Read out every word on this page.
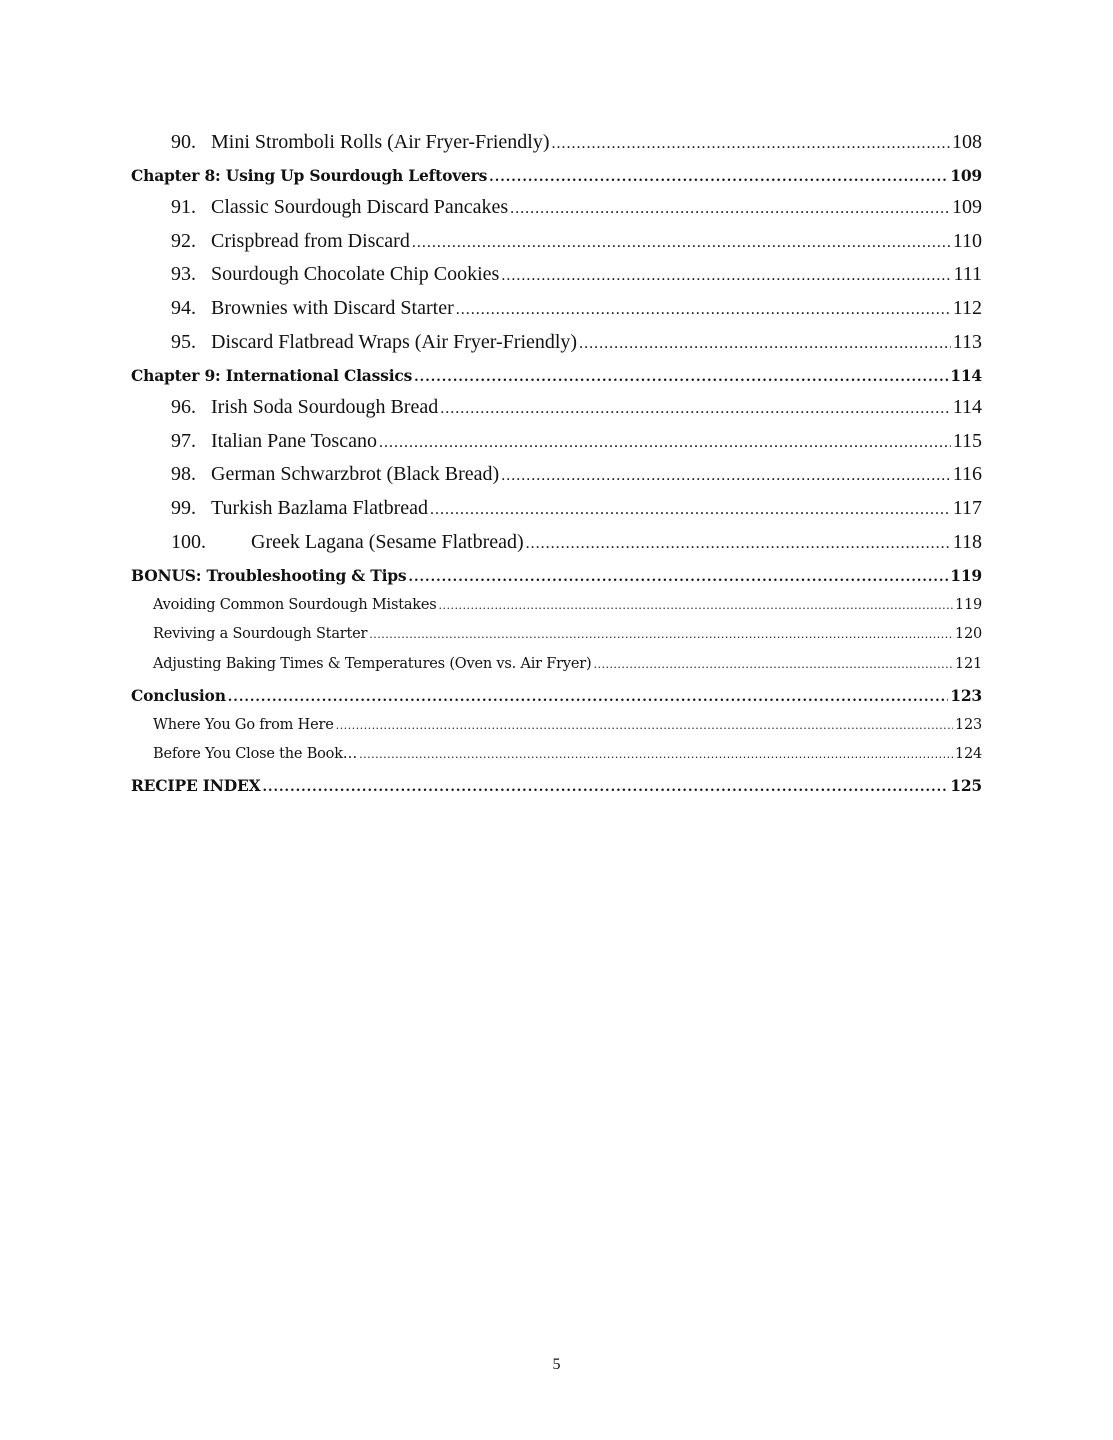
90. Mini Stromboli Rolls (Air Fryer-Friendly) .....	108
Chapter 8: Using Up Sourdough Leftovers .....	109
91. Classic Sourdough Discard Pancakes .....	109
92. Crispbread from Discard .....	110
93. Sourdough Chocolate Chip Cookies .....	111
94. Brownies with Discard Starter .....	112
95. Discard Flatbread Wraps (Air Fryer-Friendly) .....	113
Chapter 9: International Classics .....	114
96. Irish Soda Sourdough Bread .....	114
97. Italian Pane Toscano .....	115
98. German Schwarzbrot (Black Bread) .....	116
99. Turkish Bazlama Flatbread .....	117
100.	Greek Lagana (Sesame Flatbread) .....	118
BONUS: Troubleshooting & Tips .....	119
Avoiding Common Sourdough Mistakes .....	119
Reviving a Sourdough Starter .....	120
Adjusting Baking Times & Temperatures (Oven vs. Air Fryer) .....	121
Conclusion .....	123
Where You Go from Here .....	123
Before You Close the Book… .....	124
RECIPE INDEX .....	125
5
